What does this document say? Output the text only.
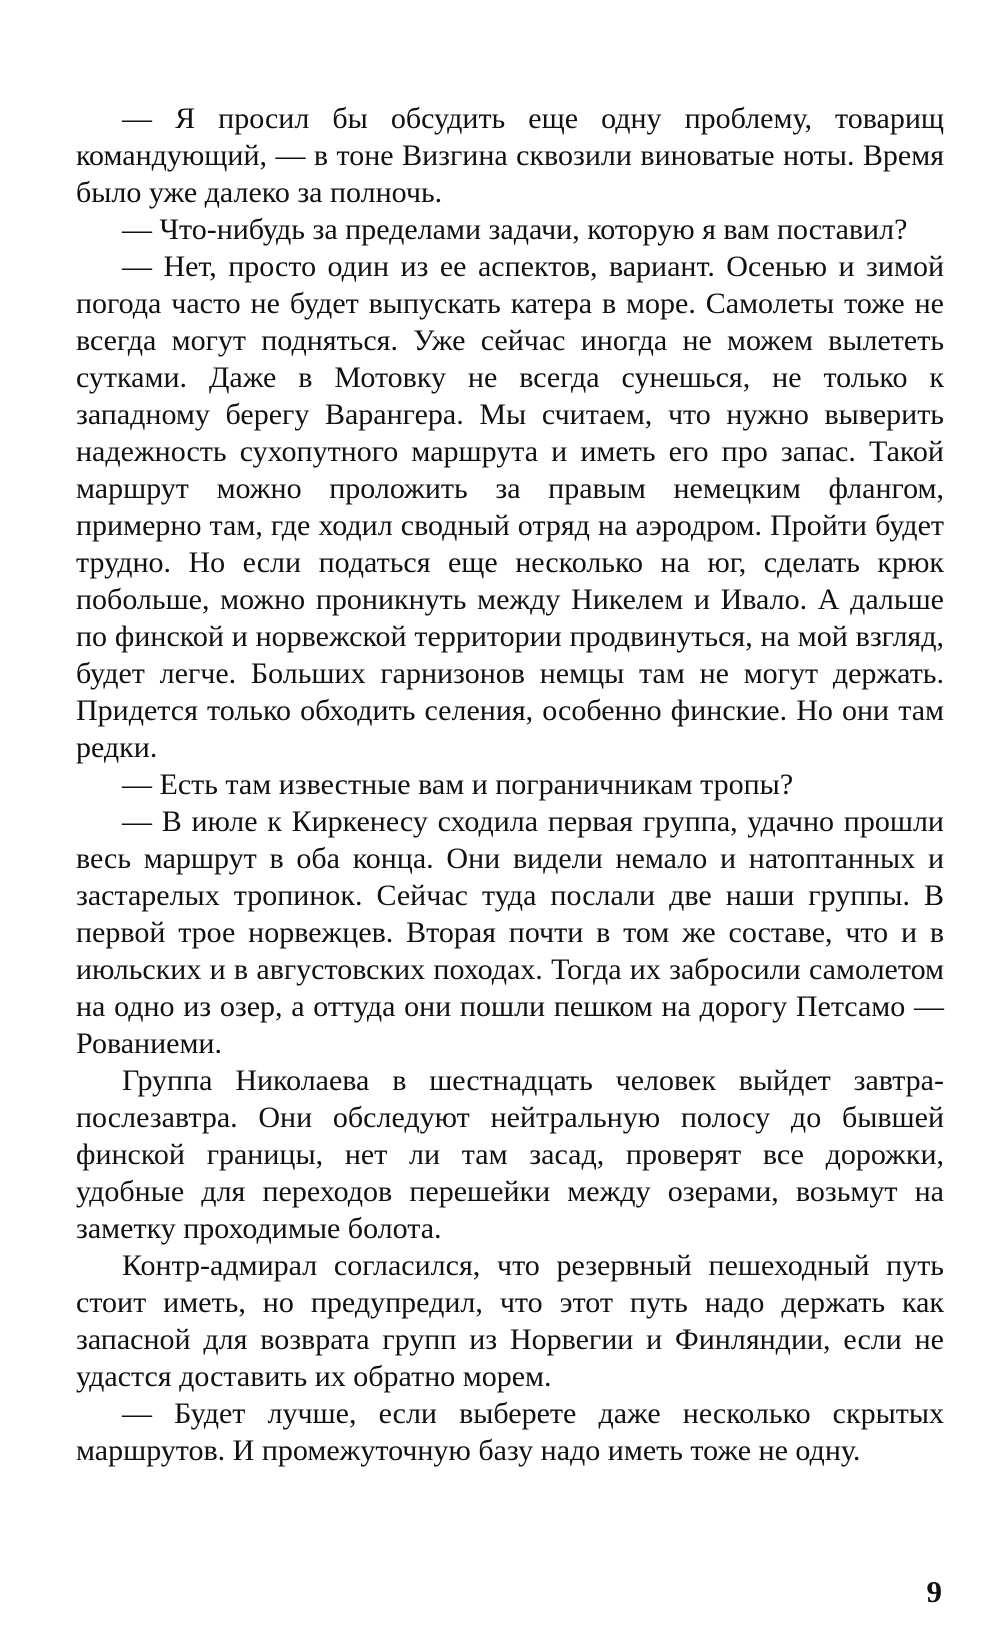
— Я просил бы обсудить еще одну проблему, товарищ командующий, — в тоне Визгина сквозили виноватые ноты. Время было уже далеко за полночь.

— Что-нибудь за пределами задачи, которую я вам поставил?

— Нет, просто один из ее аспектов, вариант. Осенью и зимой погода часто не будет выпускать катера в море. Самолеты тоже не всегда могут подняться. Уже сейчас иногда не можем вылететь сутками. Даже в Мотовку не всегда сунешься, не только к западному берегу Варангера. Мы считаем, что нужно выверить надежность сухопутного маршрута и иметь его про запас. Такой маршрут можно проложить за правым немецким флангом, примерно там, где ходил сводный отряд на аэродром. Пройти будет трудно. Но если податься еще несколько на юг, сделать крюк побольше, можно проникнуть между Никелем и Ивало. А дальше по финской и норвежской территории продвинуться, на мой взгляд, будет легче. Больших гарнизонов немцы там не могут держать. Придется только обходить селения, особенно финские. Но они там редки.

— Есть там известные вам и пограничникам тропы?

— В июле к Киркенесу сходила первая группа, удачно прошли весь маршрут в оба конца. Они видели немало и натоптанных и застарелых тропинок. Сейчас туда послали две наши группы. В первой трое норвежцев. Вторая почти в том же составе, что и в июльских и в августовских походах. Тогда их забросили самолетом на одно из озер, а оттуда они пошли пешком на дорогу Петсамо — Рованиеми.

Группа Николаева в шестнадцать человек выйдет завтра-послезавтра. Они обследуют нейтральную полосу до бывшей финской границы, нет ли там засад, проверят все дорожки, удобные для переходов перешейки между озерами, возьмут на заметку проходимые болота.

Контр-адмирал согласился, что резервный пешеходный путь стоит иметь, но предупредил, что этот путь надо держать как запасной для возврата групп из Норвегии и Финляндии, если не удастся доставить их обратно морем.

— Будет лучше, если выберете даже несколько скрытых маршрутов. И промежуточную базу надо иметь тоже не одну.

9
